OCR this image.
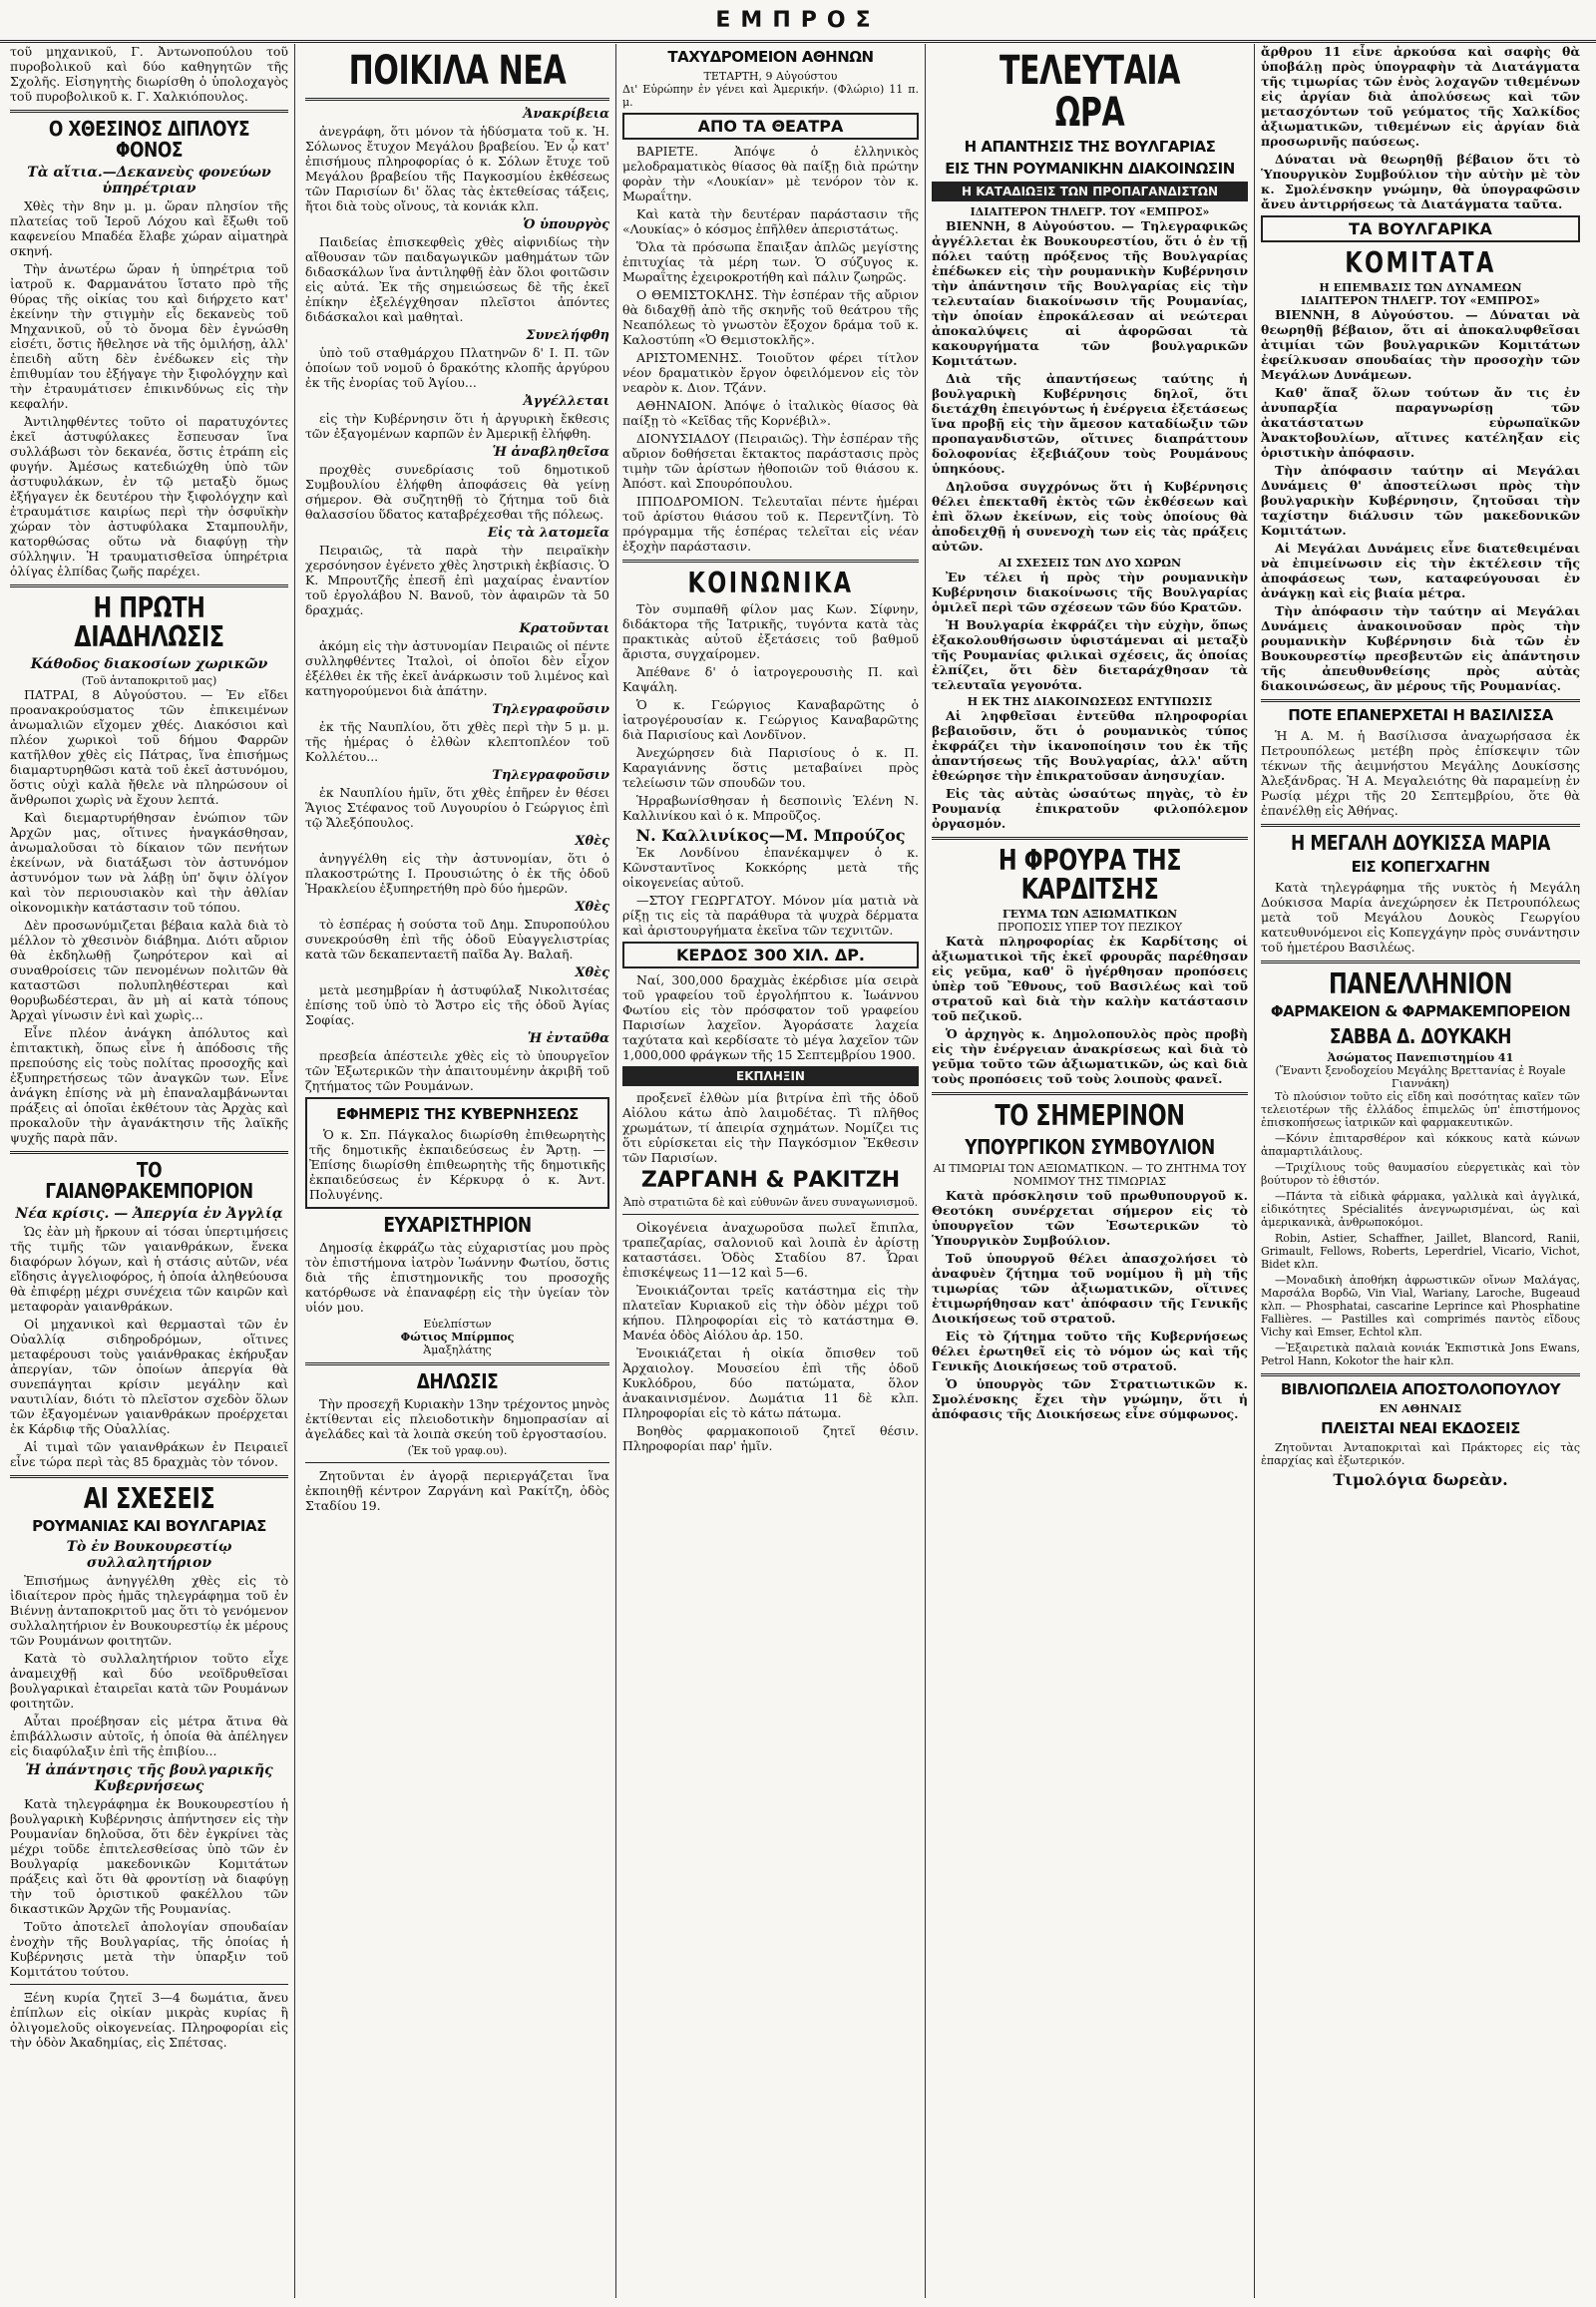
ΕΜΠΡΟΣ

τοῦ μηχανικοῦ, Γ. Ἀντωνοπούλου τοῦ πυροβολικοῦ καὶ δύο καθηγητῶν τῆς Σχολῆς. Εἰσηγητὴς διωρίσθη ὁ ὑπολοχαγὸς τοῦ πυροβολικοῦ κ. Γ. Χαλκιόπουλος.

Ο ΧΘΕΣΙΝΟΣ ΔΙΠΛΟΥΣ ΦΟΝΟΣ
Τὰ αἴτια.—Δεκανεὺς φονεύων ὑπηρέτριαν

Χθὲς τὴν 8ην μ. μ. ὥραν πλησίον τῆς πλατείας τοῦ Ἱεροῦ Λόχου καὶ ἔξωθι τοῦ καφενείου Μπαδέα ἔλαβε χώραν αἱματηρὰ σκηνή.

Τὴν ἀνωτέρω ὥραν ἡ ὑπηρέτρια τοῦ ἰατροῦ κ. Φαρμανάτου ἵστατο πρὸ τῆς θύρας τῆς οἰκίας του καὶ διήρχετο κατ' ἐκείνην τὴν στιγμὴν εἷς δεκανεὺς τοῦ Μηχανικοῦ, οὗ τὸ ὄνομα δὲν ἐγνώσθη εἰσέτι, ὅστις ἤθελησε νὰ τῆς ὁμιλήσῃ, ἀλλ' ἐπειδὴ αὕτη δὲν ἐνέδωκεν εἰς τὴν ἐπιθυμίαν του ἐξήγαγε τὴν ξιφολόγχην καὶ τὴν ἐτραυμάτισεν ἐπικινδύνως εἰς τὴν κεφαλήν.

Ἀντιληφθέντες τοῦτο οἱ παρατυχόντες ἐκεῖ ἀστυφύλακες ἔσπευσαν ἵνα συλλάβωσι τὸν δεκανέα, ὅστις ἐτράπη εἰς φυγήν. Ἀμέσως κατεδιώχθη ὑπὸ τῶν ἀστυφυλάκων, ἐν τῷ μεταξὺ ὅμως ἐξήγαγεν ἐκ δευτέρου τὴν ξιφολόγχην καὶ ἐτραυμάτισε καιρίως περὶ τὴν ὀσφυϊκὴν χώραν τὸν ἀστυφύλακα Σταμπουλῆν, κατορθώσας οὕτω νὰ διαφύγῃ τὴν σύλληψιν. Ἡ τραυματισθεῖσα ὑπηρέτρια ὀλίγας ἐλπίδας ζωῆς παρέχει.

Η ΠΡΩΤΗ ΔΙΑΔΗΛΩΣΙΣ
Κάθοδος διακοσίων χωρικῶν
(Τοῦ ἀνταποκριτοῦ μας)

ΠΑΤΡΑΙ, 8 Αὐγούστου. — Ἐν εἴδει προανακρούσματος τῶν ἐπικειμένων ἀνωμαλιῶν εἴχομεν χθές. Διακόσιοι καὶ πλέον χωρικοὶ τοῦ δήμου Φαρρῶν κατῆλθον χθὲς εἰς Πάτρας, ἵνα ἐπισήμως διαμαρτυρηθῶσι κατὰ τοῦ ἐκεῖ ἀστυνόμου, ὅστις οὐχὶ καλὰ ἤθελε νὰ πληρώσουν οἱ ἄνθρωποι χωρὶς νὰ ἔχουν λεπτά.

Καὶ διεμαρτυρήθησαν ἐνώπιον τῶν Ἀρχῶν μας, οἵτινες ἠναγκάσθησαν, ἀνωμαλοῦσαι τὸ δίκαιον τῶν πενήτων ἐκείνων, νὰ διατάξωσι τὸν ἀστυνόμον ἀστυνόμον των νὰ λάβῃ ὑπ' ὄψιν ὀλίγον καὶ τὸν περιουσιακὸν καὶ τὴν ἀθλίαν οἰκονομικὴν κατάστασιν τοῦ τόπου.

Δὲν προσωνύμιζεται βέβαια καλὰ διὰ τὸ μέλλον τὸ χθεσινὸν διάβημα. Διότι αὔριον θὰ ἐκδηλωθῇ ζωηρότερον καὶ αἱ συναθροίσεις τῶν πενομένων πολιτῶν θὰ καταστῶσι πολυπληθέστεραι καὶ θορυβωδέστεραι, ἂν μὴ αἱ κατὰ τόπους Ἀρχαὶ γίνωσιν ἐνὶ καὶ χωρὶς...

Εἶνε πλέον ἀνάγκη ἀπόλυτος καὶ ἐπιτακτικὴ, ὅπως εἶνε ἡ ἀπόδοσις τῆς πρεπούσης εἰς τοὺς πολίτας προσοχῆς καὶ ἐξυπηρετήσεως τῶν ἀναγκῶν των. Εἶνε ἀνάγκη ἐπίσης νὰ μὴ ἐπαναλαμβάνωνται πράξεις αἱ ὁποῖαι ἐκθέτουν τὰς Ἀρχὰς καὶ προκαλοῦν τὴν ἀγανάκτησιν τῆς λαϊκῆς ψυχῆς παρὰ πᾶν.

ΤΟ ΓΑΙΑΝΘΡΑΚΕΜΠΟΡΙΟΝ
Νέα κρίσις. — Ἀπεργία ἐν Ἀγγλίᾳ

Ὡς ἐὰν μὴ ἤρκουν αἱ τόσαι ὑπερτιμήσεις τῆς τιμῆς τῶν γαιανθράκων, ἕνεκα διαφόρων λόγων, καὶ ἡ στάσις αὐτῶν, νέα εἴδησις ἀγγελιοφόρος, ἡ ὁποία ἀληθεύουσα θὰ ἐπιφέρῃ μέχρι συνέχεια τῶν καιρῶν καὶ μεταφορὰν γαιανθράκων.

Οἱ μηχανικοὶ καὶ θερμασταὶ τῶν ἐν Οὐαλλίᾳ σιδηροδρόμων, οἵτινες μεταφέρουσι τοὺς γαιάνθρακας ἐκήρυξαν ἀπεργίαν, τῶν ὁποίων ἀπεργία θὰ συνεπάγηται κρίσιν μεγάλην καὶ ναυτιλίαν, διότι τὸ πλεῖστον σχεδὸν ὅλων τῶν ἐξαγομένων γαιανθράκων προέρχεται ἐκ Κάρδιφ τῆς Οὐαλλίας.

Αἱ τιμαὶ τῶν γαιανθράκων ἐν Πειραιεῖ εἶνε τώρα περὶ τὰς 85 δραχμὰς τὸν τόνον.

ΑΙ ΣΧΕΣΕΙΣ
ΡΟΥΜΑΝΙΑΣ ΚΑΙ ΒΟΥΛΓΑΡΙΑΣ
Τὸ ἐν Βουκουρεστίῳ συλλαλητήριον

Ἐπισήμως ἀνηγγέλθη χθὲς εἰς τὸ ἰδιαίτερον πρὸς ἡμᾶς τηλεγράφημα τοῦ ἐν Βιέννῃ ἀνταποκριτοῦ μας ὅτι τὸ γενόμενον συλλαλητήριον ἐν Βουκουρεστίῳ ἐκ μέρους τῶν Ρουμάνων φοιτητῶν.

Κατὰ τὸ συλλαλητήριον τοῦτο εἶχε ἀναμειχθῇ καὶ δύο νεοϊδρυθεῖσαι βουλγαρικαὶ ἐταιρεῖαι κατὰ τῶν Ρουμάνων φοιτητῶν.

Αὗται προέβησαν εἰς μέτρα ἄτινα θὰ ἐπιβάλλωσιν αὐτοῖς, ἡ ὁποία θὰ ἀπέληγεν εἰς διαφύλαξιν ἐπὶ τῆς ἐπιβίου...

Ἡ ἀπάντησις τῆς βουλγαρικῆς Κυβερνήσεως

Κατὰ τηλεγράφημα ἐκ Βουκουρεστίου ἡ βουλγαρικὴ Κυβέρνησις ἀπήντησεν εἰς τὴν Ρουμανίαν δηλοῦσα, ὅτι δὲν ἐγκρίνει τὰς μέχρι τοῦδε ἐπιτελεσθείσας ὑπὸ τῶν ἐν Βουλγαρίᾳ μακεδονικῶν Κομιτάτων πράξεις καὶ ὅτι θὰ φροντίσῃ νὰ διαφύγῃ τὴν τοῦ ὁριστικοῦ φακέλλου τῶν δικαστικῶν Ἀρχῶν τῆς Ρουμανίας.

Τοῦτο ἀποτελεῖ ἀπολογίαν σπουδαίαν ἐνοχὴν τῆς Βουλγαρίας, τῆς ὁποίας ἡ Κυβέρνησις μετὰ τὴν ὑπαρξιν τοῦ Κομιτάτου τούτου.

Ξένη κυρία ζητεῖ 3—4 δωμάτια, ἄνευ ἐπίπλων εἰς οἰκίαν μικρὰς κυρίας ἢ ὀλιγομελοῦς οἰκογενείας. Πληροφορίαι εἰς τὴν ὁδὸν Ἀκαδημίας, εἰς Σπέτσας.

ΠΟΙΚΙΛΑ ΝΕΑ
Ἀνακρίβεια

ἀνεγράφη, ὅτι μόνον τὰ ἡδύσματα τοῦ κ. Ἠ. Σόλωνος ἔτυχον Μεγάλου βραβείου. Ἐν ᾧ κατ' ἐπισήμους πληροφορίας ὁ κ. Σόλων ἔτυχε τοῦ Μεγάλου βραβείου τῆς Παγκοσμίου ἐκθέσεως τῶν Παρισίων δι' ὅλας τὰς ἐκτεθείσας τάξεις, ἤτοι διὰ τοὺς οἴνους, τὰ κονιάκ κλπ.

Ὁ ὑπουργὸς

Παιδείας ἐπισκεφθεὶς χθὲς αἰφνιδίως τὴν αἴθουσαν τῶν παιδαγωγικῶν μαθημάτων τῶν διδασκάλων ἵνα ἀντιληφθῇ ἐὰν ὅλοι φοιτῶσιν εἰς αὐτά. Ἐκ τῆς σημειώσεως δὲ τῆς ἐκεῖ ἐπίκην ἐξελέγχθησαν πλεῖστοι ἀπόντες διδάσκαλοι καὶ μαθηταὶ.

Συνελήφθη

ὑπὸ τοῦ σταθμάρχου Πλατηνῶν δ' Ι. Π. τῶν ὁποίων τοῦ νομοῦ ὁ δρακότης κλοπῆς ἀργύρου ἐκ τῆς ἐνορίας τοῦ Ἁγίου...

Ἀγγέλλεται

εἰς τὴν Κυβέρνησιν ὅτι ἡ ἀργυρικὴ ἔκθεσις τῶν ἐξαγομένων καρπῶν ἐν Ἀμερικῇ ἐλήφθη.

Ἡ ἀναβληθεῖσα

προχθὲς συνεδρίασις τοῦ δημοτικοῦ Συμβουλίου ἐλήφθη ἀποφάσεις θὰ γείνῃ σήμερον. Θὰ συζητηθῇ τὸ ζήτημα τοῦ διὰ θαλασσίου ὕδατος καταβρέχεσθαι τῆς πόλεως.

Εἰς τὰ λατομεῖα

Πειραιῶς, τὰ παρὰ τὴν πειραϊκὴν χερσόνησον ἐγένετο χθὲς ληστρικὴ ἐκβίασις. Ὁ Κ. Μπρουτζῆς ἐπεσῆ ἐπὶ μαχαίρας ἐναντίον τοῦ ἐργολάβου Ν. Βανοῦ, τὸν ἀφαιρῶν τὰ 50 δραχμάς.

Κρατοῦνται

ἀκόμη εἰς τὴν ἀστυνομίαν Πειραιῶς οἱ πέντε συλληφθέντες Ἰταλοὶ, οἱ ὁποῖοι δὲν εἶχον ἐξέλθει ἐκ τῆς ἐκεῖ ἀνάρκωσιν τοῦ λιμένος καὶ κατηγορούμενοι διὰ ἀπάτην.

Τηλεγραφοῦσιν

ἐκ τῆς Ναυπλίου, ὅτι χθὲς περὶ τὴν 5 μ. μ. τῆς ἡμέρας ὁ ἐλθὼν κλεπτοπλέον τοῦ Κολλέτου...

Τηλεγραφοῦσιν

ἐκ Ναυπλίου ἡμῖν, ὅτι χθὲς ἐπῆρεν ἐν θέσει Ἅγιος Στέφανος τοῦ Λυγουρίου ὁ Γεώργιος ἐπὶ τῷ Ἄλεξόπουλος.

Χθὲς

ἀνηγγέλθη εἰς τὴν ἀστυνομίαν, ὅτι ὁ πλακοστρώτης Ι. Προυσιώτης ὁ ἐκ τῆς ὁδοῦ Ἡρακλείου ἐξυπηρετήθη πρὸ δύο ἡμερῶν.

Χθὲς

τὸ ἑσπέρας ἡ σούστα τοῦ Δημ. Σπυροπούλου συνεκρούσθη ἐπὶ τῆς ὁδοῦ Εὐαγγελιστρίας κατὰ τῶν δεκαπενταετῆ παῖδα Ἀγ. Βαλαῆ.

Χθὲς

μετὰ μεσημβρίαν ἡ ἀστυφύλαξ Νικολιτσέας ἐπίσης τοῦ ὑπὸ τὸ Ἄστρο εἰς τῆς ὁδοῦ Ἀγίας Σοφίας.

Ἡ ἐνταῦθα

πρεσβεία ἀπέστειλε χθὲς εἰς τὸ ὑπουργεῖον τῶν Ἐξωτερικῶν τὴν ἀπαιτουμένην ἀκριβῆ τοῦ ζητήματος τῶν Ρουμάνων.

ΕΦΗΜΕΡΙΣ ΤΗΣ ΚΥΒΕΡΝΗΣΕΩΣ

Ὁ κ. Σπ. Πάγκαλος διωρίσθη ἐπιθεωρητὴς τῆς δημοτικῆς ἐκπαιδεύσεως ἐν Ἄρτῃ. —Ἐπίσης διωρίσθη ἐπιθεωρητὴς τῆς δημοτικῆς ἐκπαιδεύσεως ἐν Κέρκυρᾳ ὁ κ. Ἀντ. Πολυγένης.

ΕΥΧΑΡΙΣΤΗΡΙΟΝ

Δημοσίᾳ ἐκφράζω τὰς εὐχαριστίας μου πρὸς τὸν ἐπιστήμονα ἰατρὸν Ἰωάννην Φωτίου, ὅστις διὰ τῆς ἐπιστημονικῆς του προσοχῆς κατόρθωσε νὰ ἐπαναφέρῃ εἰς τὴν ὑγείαν τὸν υἱόν μου.

Εὐελπίστων
Φώτιος Μπίρμπος
Ἀμαξηλάτης
ΔΗΛΩΣΙΣ

Τὴν προσεχῆ Κυριακὴν 13ην τρέχοντος μηνὸς ἐκτίθενται εἰς πλειοδοτικὴν δημοπρασίαν αἱ ἀγελάδες καὶ τὰ λοιπὰ σκεύη τοῦ ἐργοστασίου.

(Ἐκ τοῦ γραφ.ου).

Ζητοῦνται ἐν ἀγορᾷ περιεργάζεται ἵνα ἐκποιηθῇ κέντρον Ζαργάνη καὶ Ρακίτζη, ὁδὸς Σταδίου 19.

ΤΑΧΥΔΡΟΜΕΙΟΝ ΑΘΗΝΩΝ
ΤΕΤΑΡΤΗ, 9 Αὐγούστου

Δι' Εὐρώπην ἐν γένει καὶ Ἀμερικήν. (Φλώριο) 11 π. μ.

ΑΠΟ ΤΑ ΘΕΑΤΡΑ

ΒΑΡΙΕΤΕ. Ἀπόψε ὁ ἑλληνικὸς μελοδραματικὸς θίασος θὰ παίξῃ διὰ πρώτην φορὰν τὴν «Λουκίαν» μὲ τενόρον τὸν κ. Μωραΐτην.

Καὶ κατὰ τὴν δευτέραν παράστασιν τῆς «Λουκίας» ὁ κόσμος ἐπῆλθεν ἀπεριστάτως.

Ὅλα τὰ πρόσωπα ἔπαιξαν ἀπλῶς μεγίστης ἐπιτυχίας τὰ μέρη των. Ὁ σύζυγος κ. Μωραΐτης ἐχειροκροτήθη καὶ πάλιν ζωηρῶς.

Ο ΘΕΜΙΣΤΟΚΛΗΣ. Τὴν ἑσπέραν τῆς αὔριον θὰ διδαχθῇ ἀπὸ τῆς σκηνῆς τοῦ θεάτρου τῆς Νεαπόλεως τὸ γνωστὸν ἔξοχον δράμα τοῦ κ. Καλοστύπη «Ὁ Θεμιστοκλῆς».

ΑΡΙΣΤΟΜΕΝΗΣ. Τοιοῦτον φέρει τίτλον νέον δραματικὸν ἔργον ὀφειλόμενον εἰς τὸν νεαρὸν κ. Διον. Τζάνν.

ΑΘΗΝΑΙΟΝ. Ἀπόψε ὁ ἰταλικὸς θίασος θὰ παίξῃ τὸ «Κεῖδας τῆς Κορνέβιλ».

ΔΙΟΝΥΣΙΑΔΟΥ (Πειραιῶς). Τὴν ἑσπέραν τῆς αὔριον δοθήσεται ἔκτακτος παράστασις πρὸς τιμὴν τῶν ἀρίστων ἠθοποιῶν τοῦ θιάσου κ. Ἀπόστ. καὶ Σπουρόπουλου.

ΙΠΠΟΔΡΟΜΙΟΝ. Τελευταῖαι πέντε ἡμέραι τοῦ ἀρίστου θιάσου τοῦ κ. Περεντζίνη. Τὸ πρόγραμμα τῆς ἑσπέρας τελεῖται εἰς νέαν ἐξοχὴν παράστασιν.

ΚΟΙΝΩΝΙΚΑ

Τὸν συμπαθῆ φίλον μας Κων. Σίφνην, διδάκτορα τῆς Ἰατρικῆς, τυγόντα κατὰ τὰς πρακτικὰς αὐτοῦ ἐξετάσεις τοῦ βαθμοῦ ἄριστα, συγχαίρομεν.

Ἀπέθανε δ' ὁ ἰατρογερουσιὴς Π. καὶ Καψάλη.

Ὁ κ. Γεώργιος Καναβαρῶτης ὁ ἰατρογέρουσίαν κ. Γεώργιος Καναβαρῶτης διὰ Παρισίους καὶ Λονδῖνον.

Ἀνεχώρησεν διὰ Παρισίους ὁ κ. Π. Καραγιάννης ὅστις μεταβαίνει πρὸς τελείωσιν τῶν σπουδῶν του.

Ἡρραβωνίσθησαν ἡ δεσποινὶς Ἑλένη Ν. Καλλινίκου καὶ ὁ κ. Μπροῦζος.

Ν. Καλλινίκος—Μ. Μπρούζος

Ἐκ Λονδίνου ἐπανέκαμψεν ὁ κ. Κῶνσταντῖνος Κοκκόρης μετὰ τῆς οἰκογενείας αὐτοῦ.

—ΣΤΟΥ ΓΕΩΡΓΑΤΟΥ. Μόνον μία ματιὰ νὰ ρίξῃ τις εἰς τὰ παράθυρα τὰ ψυχρὰ δέρματα καὶ ἀριστουργήματα ἐκεῖνα τῶν τεχνιτῶν.

ΚΕΡΔΟΣ 300 ΧΙΛ. ΔΡ.

Ναί, 300,000 δραχμὰς ἐκέρδισε μία σειρὰ τοῦ γραφείου τοῦ ἐργολήπτου κ. Ἰωάννου Φωτίου εἰς τὸν πρόσφατον τοῦ γραφείου Παρισίων λαχεῖον. Ἀγοράσατε λαχεία ταχύτατα καὶ κερδίσατε τὸ μέγα λαχεῖον τῶν 1,000,000 φράγκων τῆς 15 Σεπτεμβρίου 1900.

ΕΚΠΛΗΞΙΝ

προξενεῖ ἐλθὼν μία βιτρίνα ἐπὶ τῆς ὁδοῦ Αἰόλου κάτω ἀπὸ λαιμοδέτας. Τὶ πλῆθος χρωμάτων, τί ἀπειρία σχημάτων. Νομίζει τις ὅτι εὑρίσκεται εἰς τὴν Παγκόσμιον Ἔκθεσιν τῶν Παρισίων.

ΖΑΡΓΑΝΗ & ΡΑΚΙΤΖΗ
Ἀπὸ στρατιῶτα δὲ καὶ εὐθυνῶν ἄνευ συναγωνισμοῦ.

Οἰκογένεια ἀναχωροῦσα πωλεῖ ἔπιπλα, τραπεζαρίας, σαλονιοῦ καὶ λοιπὰ ἐν ἀρίστῃ καταστάσει. Ὁδὸς Σταδίου 87. Ὧραι ἐπισκέψεως 11—12 καὶ 5—6.

Ἐνοικιάζονται τρεῖς κατάστημα εἰς τὴν πλατεῖαν Κυριακοῦ εἰς τὴν ὁδὸν μέχρι τοῦ κήπου. Πληροφορίαι εἰς τὸ κατάστημα Θ. Μανέα ὁδὸς Αἰόλου ἀρ. 150.

Ἐνοικιάζεται ἡ οἰκία ὄπισθεν τοῦ Ἀρχαιολογ. Μουσείου ἐπὶ τῆς ὁδοῦ Κυκλόδρου, δύο πατώματα, ὅλον ἀνακαινισμένον. Δωμάτια 11 δὲ κλπ. Πληροφορίαι εἰς τὸ κάτω πάτωμα.

Βοηθὸς φαρμακοποιοῦ ζητεῖ θέσιν. Πληροφορίαι παρ' ἡμῖν.

ΤΕΛΕΥΤΑΙΑ ΩΡΑ
Η ΑΠΑΝΤΗΣΙΣ ΤΗΣ ΒΟΥΛΓΑΡΙΑΣ
ΕΙΣ ΤΗΝ ΡΟΥΜΑΝΙΚΗΝ ΔΙΑΚΟΙΝΩΣΙΝ
Η ΚΑΤΑΔΙΩΞΙΣ ΤΩΝ ΠΡΟΠΑΓΑΝΔΙΣΤΩΝ
ΙΔΙΑΙΤΕΡΟΝ ΤΗΛΕΓΡ. ΤΟΥ «ΕΜΠΡΟΣ»

ΒΙΕΝΝΗ, 8 Αὐγούστου. — Τηλεγραφικῶς ἀγγέλλεται ἐκ Βουκουρεστίου, ὅτι ὁ ἐν τῇ πόλει ταύτῃ πρόξενος τῆς Βουλγαρίας ἐπέδωκεν εἰς τὴν ρουμανικὴν Κυβέρνησιν τὴν ἀπάντησιν τῆς Βουλγαρίας εἰς τὴν τελευταίαν διακοίνωσιν τῆς Ρουμανίας, τὴν ὁποίαν ἐπροκάλεσαν αἱ νεώτεραι ἀποκαλύψεις αἱ ἀφορῶσαι τὰ κακουργήματα τῶν βουλγαρικῶν Κομιτάτων.

Διὰ τῆς ἀπαντήσεως ταύτης ἡ βουλγαρικὴ Κυβέρνησις δηλοῖ, ὅτι διετάχθη ἐπειγόντως ἡ ἐνέργεια ἐξετάσεως ἵνα προβῇ εἰς τὴν ἄμεσον καταδίωξιν τῶν προπαγανδιστῶν, οἵτινες διαπράττουν δολοφονίας ἐξεβιάζουν τοὺς Ρουμάνους ὑπηκόους.

Δηλοῦσα συγχρόνως ὅτι ἡ Κυβέρνησις θέλει ἐπεκταθῆ ἐκτὸς τῶν ἐκθέσεων καὶ ἐπὶ ὅλων ἐκείνων, εἰς τοὺς ὁποίους θὰ ἀποδειχθῇ ἡ συνενοχὴ των εἰς τὰς πράξεις αὐτῶν.

ΑΙ ΣΧΕΣΕΙΣ ΤΩΝ ΔΥΟ ΧΩΡΩΝ

Ἐν τέλει ἡ πρὸς τὴν ρουμανικὴν Κυβέρνησιν διακοίνωσις τῆς Βουλγαρίας ὁμιλεῖ περὶ τῶν σχέσεων τῶν δύο Κρατῶν.

Ἡ Βουλγαρία ἐκφράζει τὴν εὐχὴν, ὅπως ἐξακολουθήσωσιν ὑφιστάμεναι αἱ μεταξὺ τῆς Ρουμανίας φιλικαὶ σχέσεις, ἅς ὁποίας ἐλπίζει, ὅτι δὲν διεταράχθησαν τὰ τελευταῖα γεγονότα.

Η ΕΚ ΤΗΣ ΔΙΑΚΟΙΝΩΣΕΩΣ ΕΝΤΥΠΩΣΙΣ

Αἱ ληφθεῖσαι ἐντεῦθα πληροφορίαι βεβαιοῦσιν, ὅτι ὁ ρουμανικὸς τύπος ἐκφράζει τὴν ἱκανοποίησιν του ἐκ τῆς ἀπαντήσεως τῆς Βουλγαρίας, ἀλλ' αὕτη ἐθεώρησε τὴν ἐπικρατοῦσαν ἀνησυχίαν.

Εἰς τὰς αὐτὰς ὡσαύτως πηγὰς, τὸ ἐν Ρουμανίᾳ ἐπικρατοῦν φιλοπόλεμον ὀργασμόν.

Η ΦΡΟΥΡΑ ΤΗΣ ΚΑΡΔΙΤΣΗΣ
ΓΕΥΜΑ ΤΩΝ ΑΞΙΩΜΑΤΙΚΩΝ
ΠΡΟΠΟΣΙΣ ΥΠΕΡ ΤΟΥ ΠΕΖΙΚΟΥ

Κατὰ πληροφορίας ἐκ Καρδίτσης οἱ ἀξιωματικοὶ τῆς ἐκεῖ φρουρᾶς παρέθησαν εἰς γεῦμα, καθ' ὃ ἠγέρθησαν προπόσεις ὑπὲρ τοῦ Ἔθνους, τοῦ Βασιλέως καὶ τοῦ στρατοῦ καὶ διὰ τὴν καλὴν κατάστασιν τοῦ πεζικοῦ.

Ὁ ἀρχηγὸς κ. Δημολοπουλὸς πρὸς προβὴ εἰς τὴν ἐνέργειαν ἀνακρίσεως καὶ διὰ τὸ γεῦμα τοῦτο τῶν ἀξιωματικῶν, ὡς καὶ διὰ τοὺς προπόσεις τοῦ τοὺς λοιποὺς φανεῖ.

ΤΟ ΣΗΜΕΡΙΝΟΝ
ΥΠΟΥΡΓΙΚΟΝ ΣΥΜΒΟΥΛΙΟΝ
ΑΙ ΤΙΜΩΡΙΑΙ ΤΩΝ ΑΞΙΩΜΑΤΙΚΩΝ. — ΤΟ ΖΗΤΗΜΑ ΤΟΥ ΝΟΜΙΜΟΥ ΤΗΣ ΤΙΜΩΡΙΑΣ

Κατὰ πρόσκλησιν τοῦ πρωθυπουργοῦ κ. Θεοτόκη συνέρχεται σήμερον εἰς τὸ ὑπουργεῖον τῶν Ἐσωτερικῶν τὸ Ὑπουργικὸν Συμβούλιον.

Τοῦ ὑπουργοῦ θέλει ἀπασχολήσει τὸ ἀναφυὲν ζήτημα τοῦ νομίμου ἢ μὴ τῆς τιμωρίας τῶν ἀξιωματικῶν, οἵτινες ἐτιμωρήθησαν κατ' ἀπόφασιν τῆς Γενικῆς Διοικήσεως τοῦ στρατοῦ.

Εἰς τὸ ζήτημα τοῦτο τῆς Κυβερνήσεως θέλει ἐρωτηθεῖ εἰς τὸ νόμον ὡς καὶ τῆς Γενικῆς Διοικήσεως τοῦ στρατοῦ.

Ὁ ὑπουργὸς τῶν Στρατιωτικῶν κ. Σμολένσκης ἔχει τὴν γνώμην, ὅτι ἡ ἀπόφασις τῆς Διοικήσεως εἶνε σύμφωνος.

ἄρθρου 11 εἶνε ἀρκούσα καὶ σαφὴς θὰ ὑποβάλῃ πρὸς ὑπογραφὴν τὰ Διατάγματα τῆς τιμωρίας τῶν ἑνὸς λοχαγῶν τιθεμένων εἰς ἀργίαν διὰ ἀπολύσεως καὶ τῶν μετασχόντων τοῦ γεύματος τῆς Χαλκίδος ἀξιωματικῶν, τιθεμένων εἰς ἀργίαν διὰ προσωρινῆς παύσεως.

Δύναται νὰ θεωρηθῇ βέβαιον ὅτι τὸ Ὑπουργικὸν Συμβούλιον τὴν αὐτὴν μὲ τὸν κ. Σμολένσκην γνώμην, θὰ ὑπογραφῶσιν ἄνευ ἀντιρρήσεως τὰ Διατάγματα ταῦτα.

ΤΑ ΒΟΥΛΓΑΡΙΚΑ
ΚΟΜΙΤΑΤΑ
Η ΕΠΕΜΒΑΣΙΣ ΤΩΝ ΔΥΝΑΜΕΩΝ
ΙΔΙΑΙΤΕΡΟΝ ΤΗΛΕΓΡ. ΤΟΥ «ΕΜΠΡΟΣ»

ΒΙΕΝΝΗ, 8 Αὐγούστου. — Δύναται νὰ θεωρηθῇ βέβαιον, ὅτι αἱ ἀποκαλυφθεῖσαι ἀτιμίαι τῶν βουλγαρικῶν Κομιτάτων ἐφείλκυσαν σπουδαίας τὴν προσοχὴν τῶν Μεγάλων Δυνάμεων.

Καθ' ἅπαξ ὅλων τούτων ἄν τις ἐν ἀνυπαρξία παραγνωρίσῃ τῶν ἀκατάστατων εὐρωπαϊκῶν Ἀνακτοβουλίων, αἵτινες κατέληξαν εἰς ὁριστικὴν ἀπόφασιν.

Τὴν ἀπόφασιν ταύτην αἱ Μεγάλαι Δυνάμεις θ' ἀποστείλωσι πρὸς τὴν βουλγαρικὴν Κυβέρνησιν, ζητοῦσαι τὴν ταχίστην διάλυσιν τῶν μακεδονικῶν Κομιτάτων.

Αἱ Μεγάλαι Δυνάμεις εἶνε διατεθειμέναι νὰ ἐπιμείνωσιν εἰς τὴν ἐκτέλεσιν τῆς ἀποφάσεως των, καταφεύγουσαι ἐν ἀνάγκῃ καὶ εἰς βιαία μέτρα.

Τὴν ἀπόφασιν τὴν ταύτην αἱ Μεγάλαι Δυνάμεις ἀνακοινοῦσαν πρὸς τὴν ρουμανικὴν Κυβέρνησιν διὰ τῶν ἐν Βουκουρεστίῳ πρεσβευτῶν εἰς ἀπάντησιν τῆς ἀπευθυνθείσης πρὸς αὐτὰς διακοινώσεως, ἂν μέρους τῆς Ρουμανίας.

ΠΟΤΕ ΕΠΑΝΕΡΧΕΤΑΙ Η ΒΑΣΙΛΙΣΣΑ

Ἡ Α. Μ. ἡ Βασίλισσα ἀναχωρήσασα ἐκ Πετρουπόλεως μετέβη πρὸς ἐπίσκεψιν τῶν τέκνων τῆς ἀειμνήστου Μεγάλης Δουκίσσης Ἀλεξάνδρας. Ἡ Α. Μεγαλειότης θὰ παραμείνῃ ἐν Ρωσίᾳ μέχρι τῆς 20 Σεπτεμβρίου, ὅτε θὰ ἐπανέλθῃ εἰς Ἀθήνας.

Η ΜΕΓΑΛΗ ΔΟΥΚΙΣΣΑ ΜΑΡΙΑ
ΕΙΣ ΚΟΠΕΓΧΑΓΗΝ

Κατὰ τηλεγράφημα τῆς νυκτὸς ἡ Μεγάλη Δούκισσα Μαρία ἀνεχώρησεν ἐκ Πετρουπόλεως μετὰ τοῦ Μεγάλου Δουκὸς Γεωργίου κατευθυνόμενοι εἰς Κοπεγχάγην πρὸς συνάντησιν τοῦ ἡμετέρου Βασιλέως.

ΠΑΝΕΛΛΗΝΙΟΝ
ΦΑΡΜΑΚΕΙΟΝ & ΦΑΡΜΑΚΕΜΠΟΡΕΙΟΝ
ΣΑΒΒΑ Δ. ΔΟΥΚΑΚΗ
Ἀσώματος Πανεπιστημίου 41
(Ἔναντι ξενοδοχείου Μεγάλης Βρεττανίας ἐ Royale Γιαννάκη)

Τὸ πλούσιον τοῦτο εἰς εἴδη καὶ ποσότητας καῖεν τῶν τελειοτέρων τῆς ἐλλάδος ἐπιμελῶς ὑπ' ἐπιστήμονος ἐπισκοπήσεως ἰατρικῶν καὶ φαρμακευτικῶν.

—Κόνιν ἐπιταρσθέρον καὶ κόκκους κατὰ κώνων ἀπαμαρτιλάιλους.

—Τριχίλιους τοῦς θαυμασίου εὐεργετικὰς καὶ τὸν βούτυρον τὸ ἐθιστόν.

—Πάντα τὰ εἰδικὰ φάρμακα, γαλλικὰ καὶ ἀγγλικά, εἰδικότητες Spécialités ἀνεγνωρισμέναι, ὡς καὶ ἀμερικανικὰ, ἀνθρωποκόμοι.

Robin, Astier, Schaffner, Jaillet, Blancord, Ranii, Grimault, Fellows, Roberts, Leperdriel, Vicario, Vichot, Bidet κλπ.

—Μοναδικὴ ἀποθήκη ἀφρωστικῶν οἴνων Μαλάγας, Μαρσάλα Βορδῶ, Vin Vial, Wariany, Laroche, Bugeaud κλπ. — Phosphatai, cascarine Leprince καὶ Phosphatine Fallières. — Pastilles καὶ comprimés παντὸς εἴδους Vichy καὶ Emser, Echtol κλπ.

—Ἐξαιρετικὰ παλαιὰ κονιάκ Ἐκπιστικὰ Jons Ewans, Petrol Hann, Kokotor the hair κλπ.

ΒΙΒΛΙΟΠΩΛΕΙΑ ΑΠΟΣΤΟΛΟΠΟΥΛΟΥ
ΕΝ ΑΘΗΝΑΙΣ
ΠΛΕΙΣΤΑΙ ΝΕΑΙ ΕΚΔΟΣΕΙΣ

Ζητοῦνται Ἀνταποκριταὶ καὶ Πράκτορες εἰς τὰς ἐπαρχίας καὶ ἐξωτερικόν.

Τιμολόγια δωρεὰν.
